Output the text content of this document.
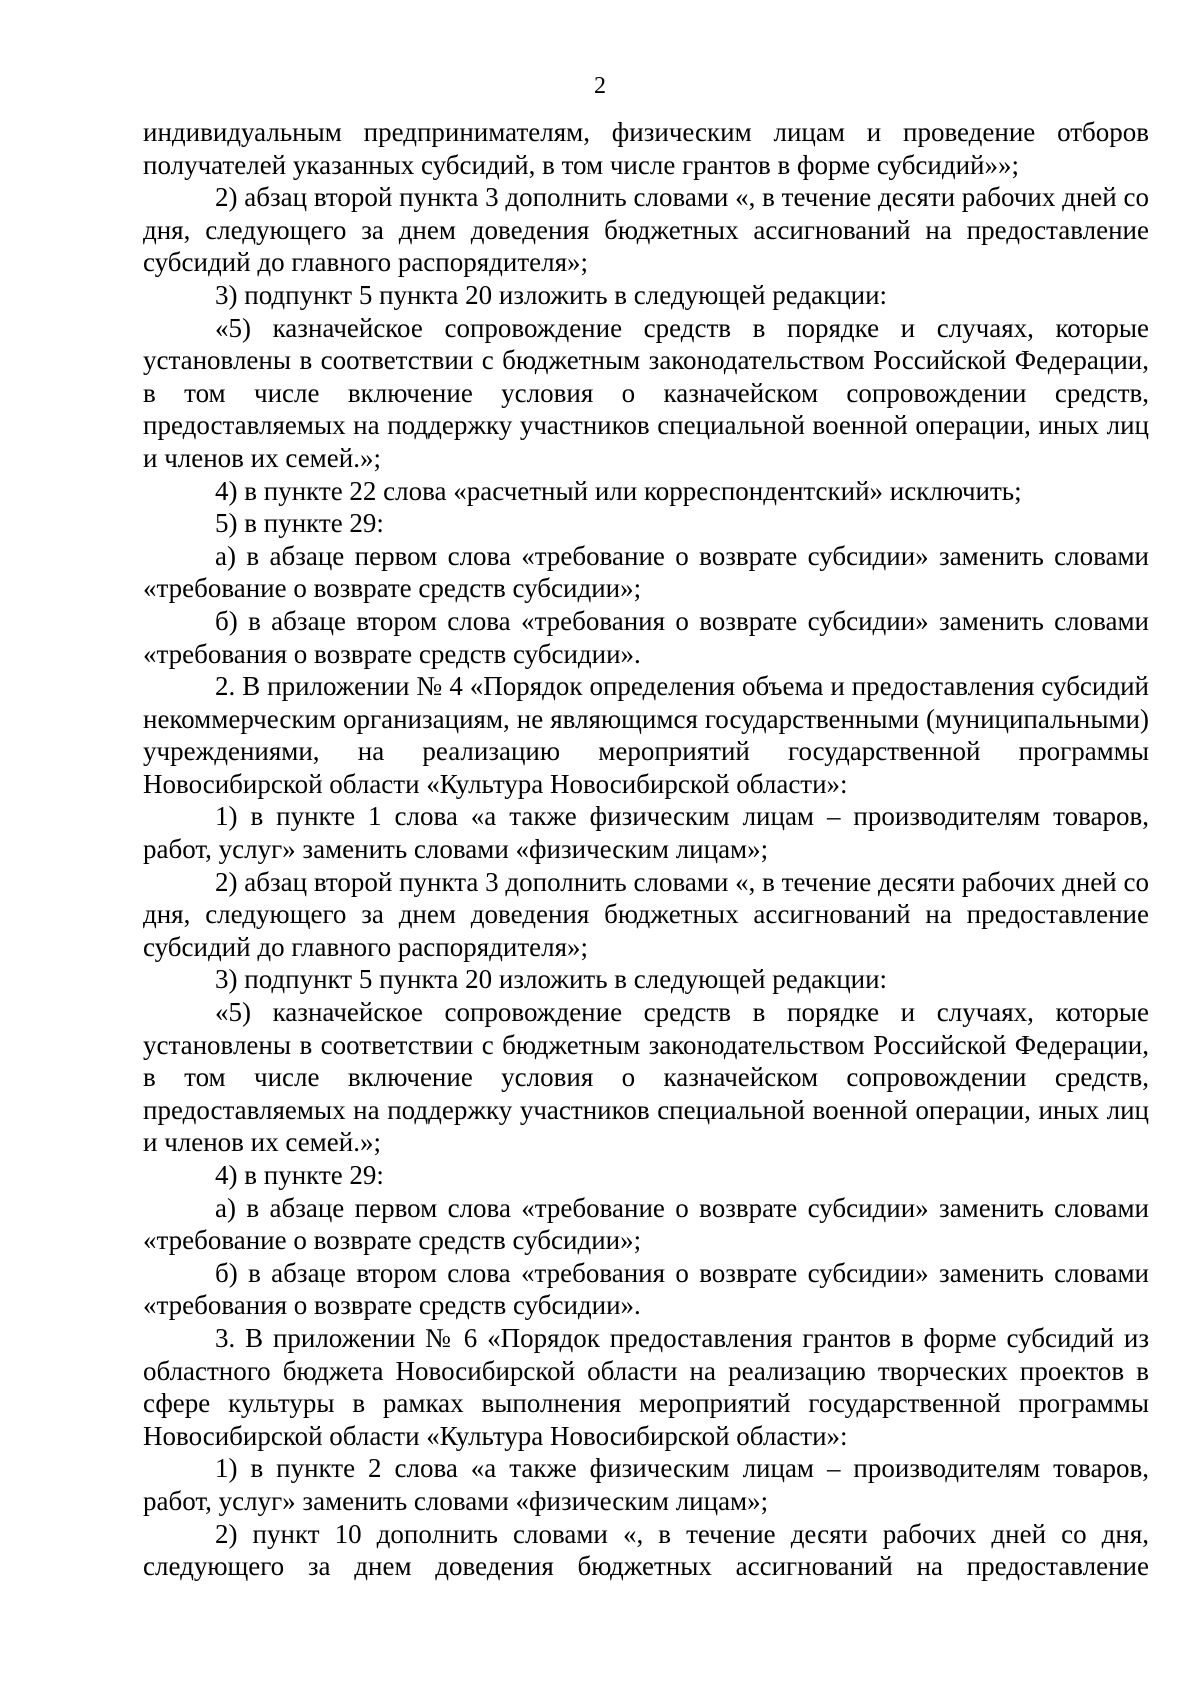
2

индивидуальным предпринимателям, физическим лицам и проведение отборов получателей указанных субсидий, в том числе грантов в форме субсидий»»;

2) абзац второй пункта 3 дополнить словами «, в течение десяти рабочих дней со дня, следующего за днем доведения бюджетных ассигнований на предоставление субсидий до главного распорядителя»;

3) подпункт 5 пункта 20 изложить в следующей редакции:

«5) казначейское сопровождение средств в порядке и случаях, которые установлены в соответствии с бюджетным законодательством Российской Федерации, в том числе включение условия о казначейском сопровождении средств, предоставляемых на поддержку участников специальной военной операции, иных лиц и членов их семей.»;

4) в пункте 22 слова «расчетный или корреспондентский» исключить;

5) в пункте 29:

а) в абзаце первом слова «требование о возврате субсидии» заменить словами «требование о возврате средств субсидии»;

б) в абзаце втором слова «требования о возврате субсидии» заменить словами «требования о возврате средств субсидии».

2. В приложении № 4 «Порядок определения объема и предоставления субсидий некоммерческим организациям, не являющимся государственными (муниципальными) учреждениями, на реализацию мероприятий государственной программы Новосибирской области «Культура Новосибирской области»:

1) в пункте 1 слова «а также физическим лицам – производителям товаров, работ, услуг» заменить словами «физическим лицам»;

2) абзац второй пункта 3 дополнить словами «, в течение десяти рабочих дней со дня, следующего за днем доведения бюджетных ассигнований на предоставление субсидий до главного распорядителя»;

3) подпункт 5 пункта 20 изложить в следующей редакции:

«5) казначейское сопровождение средств в порядке и случаях, которые установлены в соответствии с бюджетным законодательством Российской Федерации, в том числе включение условия о казначейском сопровождении средств, предоставляемых на поддержку участников специальной военной операции, иных лиц и членов их семей.»;

4) в пункте 29:

а) в абзаце первом слова «требование о возврате субсидии» заменить словами «требование о возврате средств субсидии»;

б) в абзаце втором слова «требования о возврате субсидии» заменить словами «требования о возврате средств субсидии».

3. В приложении № 6 «Порядок предоставления грантов в форме субсидий из областного бюджета Новосибирской области на реализацию творческих проектов в сфере культуры в рамках выполнения мероприятий государственной программы Новосибирской области «Культура Новосибирской области»:

1) в пункте 2 слова «а также физическим лицам – производителям товаров, работ, услуг» заменить словами «физическим лицам»;

2) пункт 10 дополнить словами «, в течение десяти рабочих дней со дня, следующего за днем доведения бюджетных ассигнований на предоставление
